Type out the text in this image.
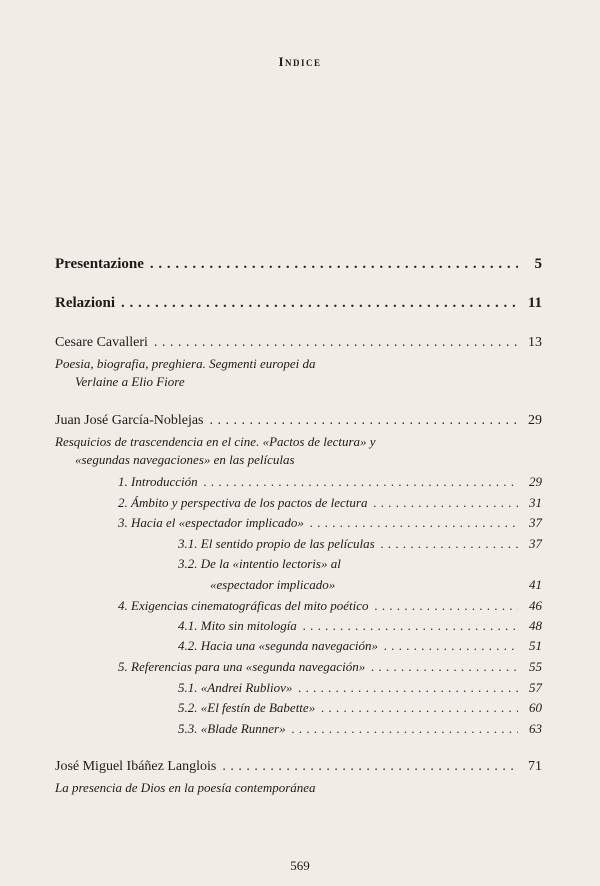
Indice
Presentazione . . .	5
Relazioni . . .	11
Cesare Cavalleri . . .	13
Poesia, biografia, preghiera. Segmenti europei da
Verlaine a Elio Fiore
Juan José García-Noblejas . . .	29
Resquicios de trascendencia en el cine. «Pactos de lectura» y
«segundas navegaciones» en las películas
1. Introducción . . .	29
2. Ámbito y perspectiva de los pactos de lectura . . .	31
3. Hacia el «espectador implicado» . . .	37
3.1. El sentido propio de las películas . . .	37
3.2. De la «intentio lectoris» al
«espectador implicado»	41
4. Exigencias cinematográficas del mito poético . . .	46
4.1. Mito sin mitología . . .	48
4.2. Hacia una «segunda navegación» . . .	51
5. Referencias para una «segunda navegación» . . .	55
5.1. «Andrei Rubliov» . . .	57
5.2. «El festín de Babette» . . .	60
5.3. «Blade Runner» . . .	63
José Miguel Ibáñez Langlois . . .	71
La presencia de Dios en la poesía contemporánea
569
